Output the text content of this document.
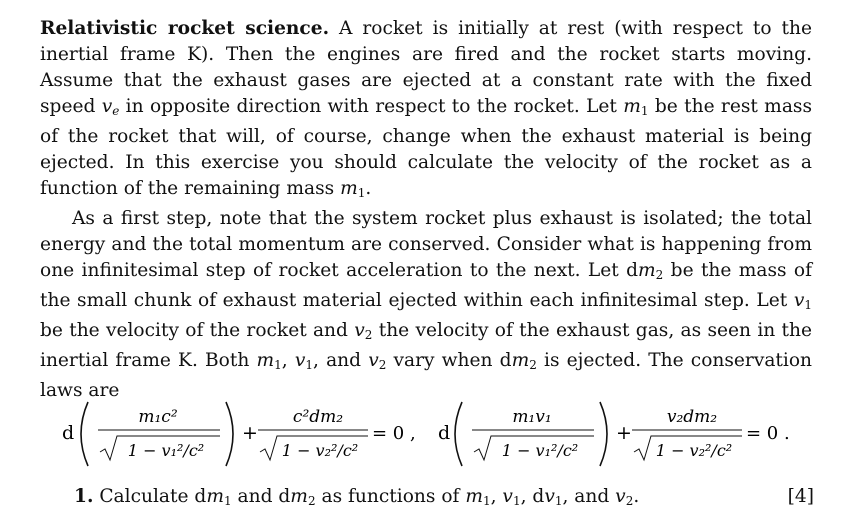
Relativistic rocket science. A rocket is initially at rest (with respect to the inertial frame K). Then the engines are fired and the rocket starts moving. Assume that the exhaust gases are ejected at a constant rate with the fixed speed ve in opposite direction with respect to the rocket. Let $m_1$ be the rest mass of the rocket that will, of course, change when the exhaust material is being ejected. In this exercise you should calculate the velocity of the rocket as a function of the remaining mass $m_1$.

As a first step, note that the system rocket plus exhaust is isolated; the total energy and the total momentum are conserved. Consider what is happening from one infinitesimal step of rocket acceleration to the next. Let $dm_2$ be the mass of the small chunk of exhaust material ejected within each infinitesimal step. Let $v_1$ be the velocity of the rocket and $v_2$ the velocity of the exhaust gas, as seen in the inertial frame K. Both $m_1$, $v_1$, and $v_2$ vary when $dm_2$ is ejected. The conservation laws are

d
m₁c²
1 − v₁²/c²
+
c²dm₂
1 − v₂²/c²
= 0 , d
m₁v₁
1 − v₁²/c²
+
v₂dm₂
1 − v₂²/c²
= 0 .
1. Calculate $dm_1$ and $dm_2$ as functions of $m_1$, $v_1$, $dv_1$, and $v_2$.	[4]
